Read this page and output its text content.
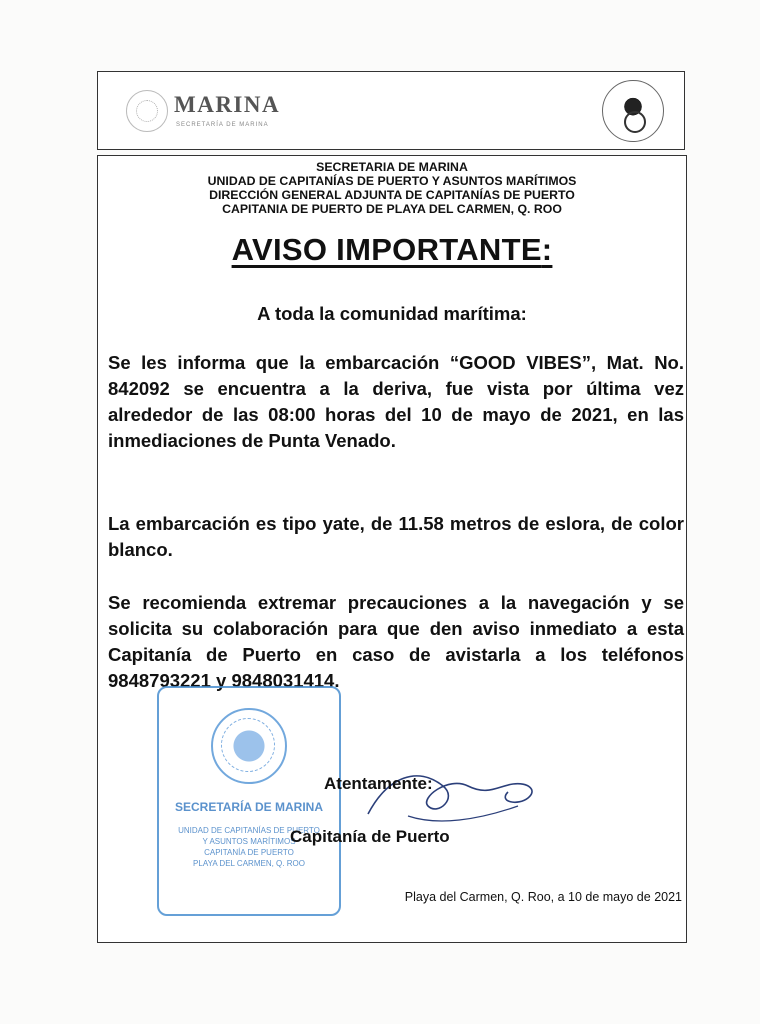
MARINA
SECRETARÍA DE MARINA
SECRETARIA DE MARINA
UNIDAD DE CAPITANÍAS DE PUERTO Y ASUNTOS MARÍTIMOS
DIRECCIÓN GENERAL ADJUNTA DE CAPITANÍAS DE PUERTO
CAPITANIA DE PUERTO DE PLAYA DEL CARMEN, Q. ROO
AVISO IMPORTANTE:
A toda la comunidad marítima:
Se les informa que la embarcación “GOOD VIBES”, Mat. No. 842092 se encuentra a la deriva, fue vista por última vez alrededor de las 08:00 horas del 10 de mayo de 2021, en las inmediaciones de Punta Venado.
La embarcación es tipo yate, de 11.58 metros de eslora, de color blanco.
Se recomienda extremar precauciones a la navegación y se solicita su colaboración para que den aviso inmediato a esta Capitanía de Puerto en caso de avistarla a los teléfonos 9848793221 y 9848031414.
SECRETARÍA DE MARINA
UNIDAD DE CAPITANÍAS DE PUERTO
Y ASUNTOS MARÍTIMOS
CAPITANÍA DE PUERTO
PLAYA DEL CARMEN, Q. ROO
Atentamente:
Capitanía de Puerto
Playa del Carmen, Q. Roo, a 10 de mayo de 2021
